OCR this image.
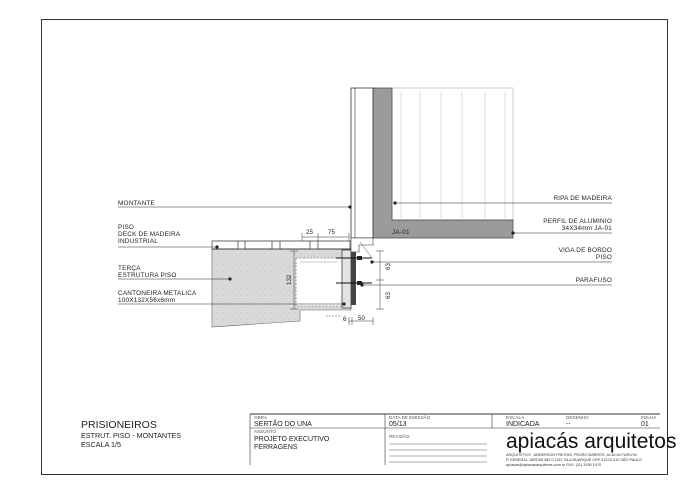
25 75
132
63
63
6 50
MONTANTE
PISO
DECK DE MADEIRA
INDUSTRIAL
TERÇA
ESTRUTURA PISO
CANTONEIRA METALICA
100X132X56x6mm
RIPA DE MADEIRA
PERFIL DE ALUMINIO
34X34mm JA-01
JA-01
VIGA DE BORDO
PISO
PARAFUSO
PRISIONEIROS
ESTRUT. PISO - MONTANTES
ESCALA 1/5
OBRA
SERTÃO DO UNA
DATA DE EMISSÃO
05/13
ESCALA
INDICADA
DESENHO
--
FOLHA
01
ASSUNTO
PROJETO EXECUTIVO
FERRAGENS
REVISÃO	apiacás arquitetos
ARQUITETOS : ANDERSON FREITAS, PEDRO BARROS, ACACIA FURUYA
R GENERAL JARDIM 482 CJ132 VILA BUARQUE CEP 01223-010 SÃO PAULO
apiacas@apiacasarquitetos.com.br FAX: (11) 3159 1970
